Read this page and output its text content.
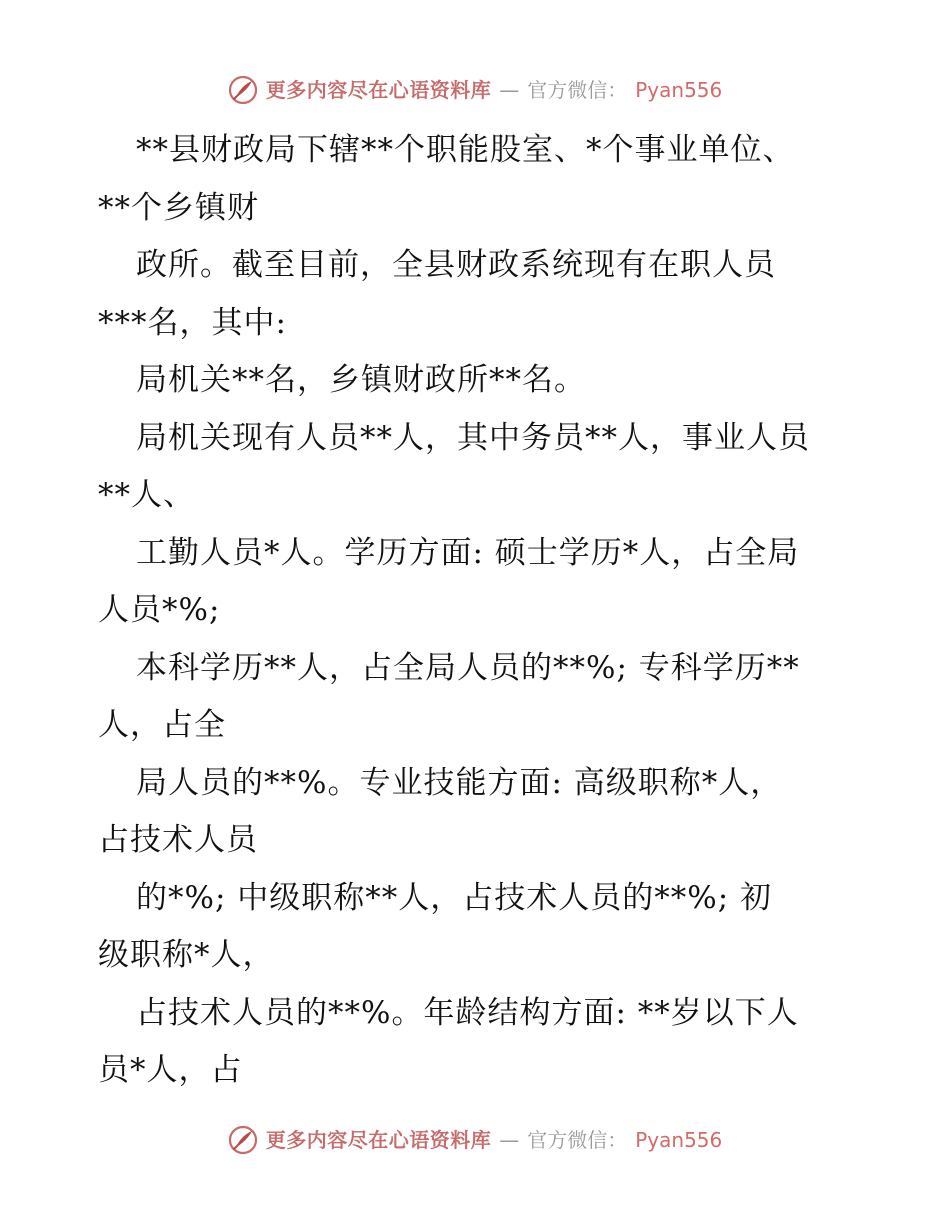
更多内容尽在心语资料库 — 官方微信： Pyan556
**县财政局下辖**个职能股室、*个事业单位、
**个乡镇财
政所。截至目前，全县财政系统现有在职人员
***名，其中:
局机关**名，乡镇财政所**名。
局机关现有人员**人，其中务员**人，事业人员
**人、
工勤人员*人。学历方面: 硕士学历*人，占全局
人员*%;
本科学历**人，占全局人员的**%; 专科学历**
人，占全
局人员的**%。专业技能方面: 高级职称*人，
占技术人员
的*%; 中级职称**人，占技术人员的**%; 初
级职称*人，
占技术人员的**%。年龄结构方面: **岁以下人
员*人，占
更多内容尽在心语资料库 — 官方微信： Pyan556
